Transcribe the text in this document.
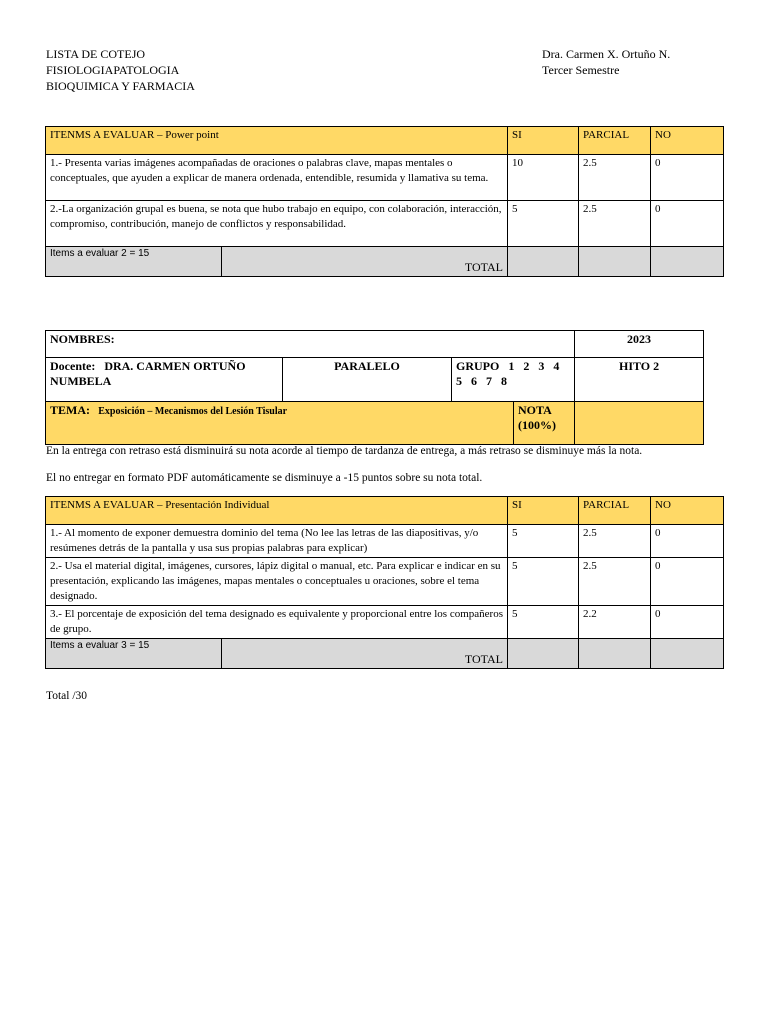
LISTA DE COTEJO
FISIOLOGIAPATOLOGIA
BIOQUIMICA Y FARMACIA
Dra. Carmen X. Ortuño N.
Tercer Semestre
ITENMS A EVALUAR – Power point		SI	PARCIAL	NO
1.- Presenta varias imágenes acompañadas de oraciones o palabras clave, mapas mentales o conceptuales, que ayuden a explicar de manera ordenada, entendible, resumida y llamativa su tema.		10	2.5	0
2.-La organización grupal es buena, se nota que hubo trabajo en equipo, con colaboración, interacción, compromiso, contribución, manejo de conflictos y responsabilidad.		5	2.5	0
Items a evaluar 2 = 15	TOTAL			
NOMBRES:				2023
Docente: DRA. CARMEN ORTUÑO NUMBELA	PARALELO	GRUPO 1 2 3 4 5 6 7 8		HITO 2
TEMA: Exposición – Mecanismos del Lesión Tisular			NOTA (100%)	
En la entrega con retraso está disminuirá su nota acorde al tiempo de tardanza de entrega, a más retraso se disminuye más la nota.
El no entregar en formato PDF automáticamente se disminuye a -15 puntos sobre su nota total.
ITENMS A EVALUAR – Presentación Individual		SI	PARCIAL	NO
1.- Al momento de exponer demuestra dominio del tema (No lee las letras de las diapositivas, y/o resúmenes detrás de la pantalla y usa sus propias palabras para explicar)		5	2.5	0
2.- Usa el material digital, imágenes, cursores, lápiz digital o manual, etc. Para explicar e indicar en su presentación, explicando las imágenes, mapas mentales o conceptuales u oraciones, sobre el tema designado.		5	2.5	0
3.- El porcentaje de exposición del tema designado es equivalente y proporcional entre los compañeros de grupo.		5	2.2	0
Items a evaluar 3 = 15	TOTAL			
Total /30
